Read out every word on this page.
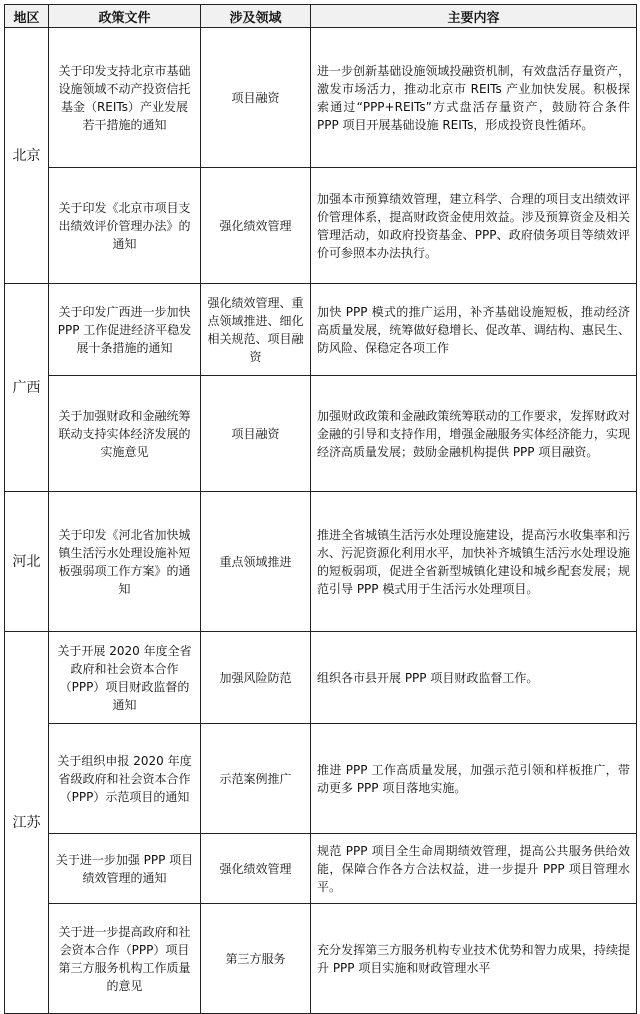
地区	政策文件	涉及领域	主要内容
北京	关于印发支持北京市基础设施领域不动产投资信托基金（REITs）产业发展若干措施的通知	项目融资	进一步创新基础设施领域投融资机制，有效盘活存量资产，激发市场活力，推动北京市 REITs 产业加快发展。积极探索通过“PPP+REITs”方式盘活存量资产，鼓励符合条件 PPP 项目开展基础设施 REITs，形成投资良性循环。
	关于印发《北京市项目支出绩效评价管理办法》的通知	强化绩效管理	加强本市预算绩效管理，建立科学、合理的项目支出绩效评价管理体系，提高财政资金使用效益。涉及预算资金及相关管理活动，如政府投资基金、PPP、政府债务项目等绩效评价可参照本办法执行。
广西	关于印发广西进一步加快 PPP 工作促进经济平稳发展十条措施的通知	强化绩效管理、重点领域推进、细化相关规范、项目融资	加快 PPP 模式的推广运用，补齐基础设施短板，推动经济高质量发展，统筹做好稳增长、促改革、调结构、惠民生、防风险、保稳定各项工作
	关于加强财政和金融统筹联动支持实体经济发展的实施意见	项目融资	加强财政政策和金融政策统筹联动的工作要求，发挥财政对金融的引导和支持作用，增强金融服务实体经济能力，实现经济高质量发展；鼓励金融机构提供 PPP 项目融资。
河北	关于印发《河北省加快城镇生活污水处理设施补短板强弱项工作方案》的通知	重点领域推进	推进全省城镇生活污水处理设施建设，提高污水收集率和污水、污泥资源化利用水平，加快补齐城镇生活污水处理设施的短板弱项，促进全省新型城镇化建设和城乡配套发展；规范引导 PPP 模式用于生活污水处理项目。
江苏	关于开展 2020 年度全省政府和社会资本合作（PPP）项目财政监督的通知	加强风险防范	组织各市县开展 PPP 项目财政监督工作。
	关于组织申报 2020 年度省级政府和社会资本合作（PPP）示范项目的通知	示范案例推广	推进 PPP 工作高质量发展，加强示范引领和样板推广，带动更多 PPP 项目落地实施。
	关于进一步加强 PPP 项目绩效管理的通知	强化绩效管理	规范 PPP 项目全生命周期绩效管理，提高公共服务供给效能，保障合作各方合法权益，进一步提升 PPP 项目管理水平。
	关于进一步提高政府和社会资本合作（PPP）项目第三方服务机构工作质量的意见	第三方服务	充分发挥第三方服务机构专业技术优势和智力成果，持续提升 PPP 项目实施和财政管理水平
